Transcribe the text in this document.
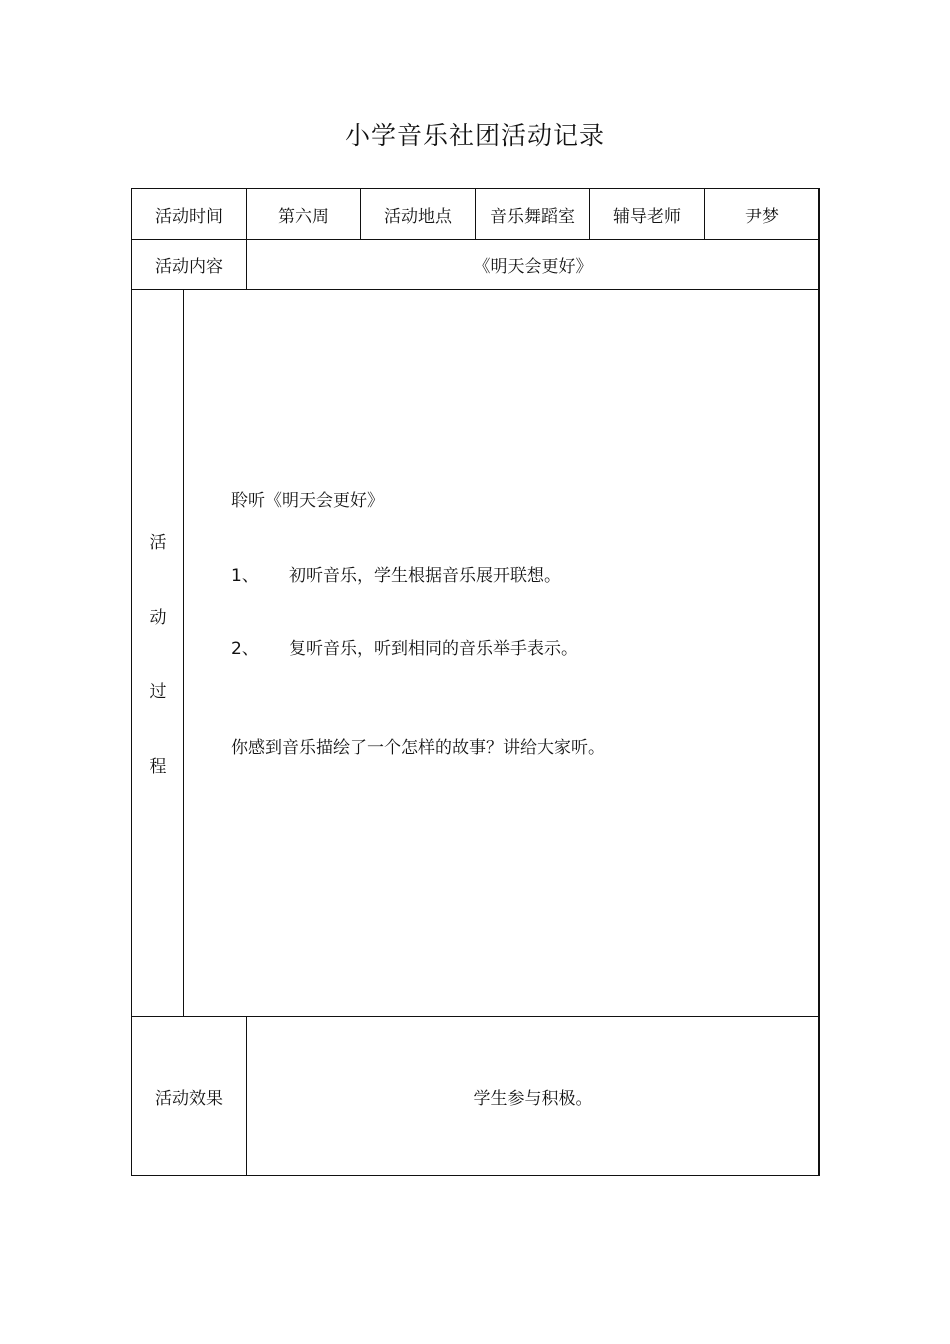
小学音乐社团活动记录
活动时间	第六周	活动地点	音乐舞蹈室	辅导老师	尹梦
活动内容	《明天会更好》
活
动
过
程
聆听《明天会更好》
1、 初听音乐，学生根据音乐展开联想。
2、 复听音乐，听到相同的音乐举手表示。
你感到音乐描绘了一个怎样的故事？讲给大家听。
活动效果	学生参与积极。
